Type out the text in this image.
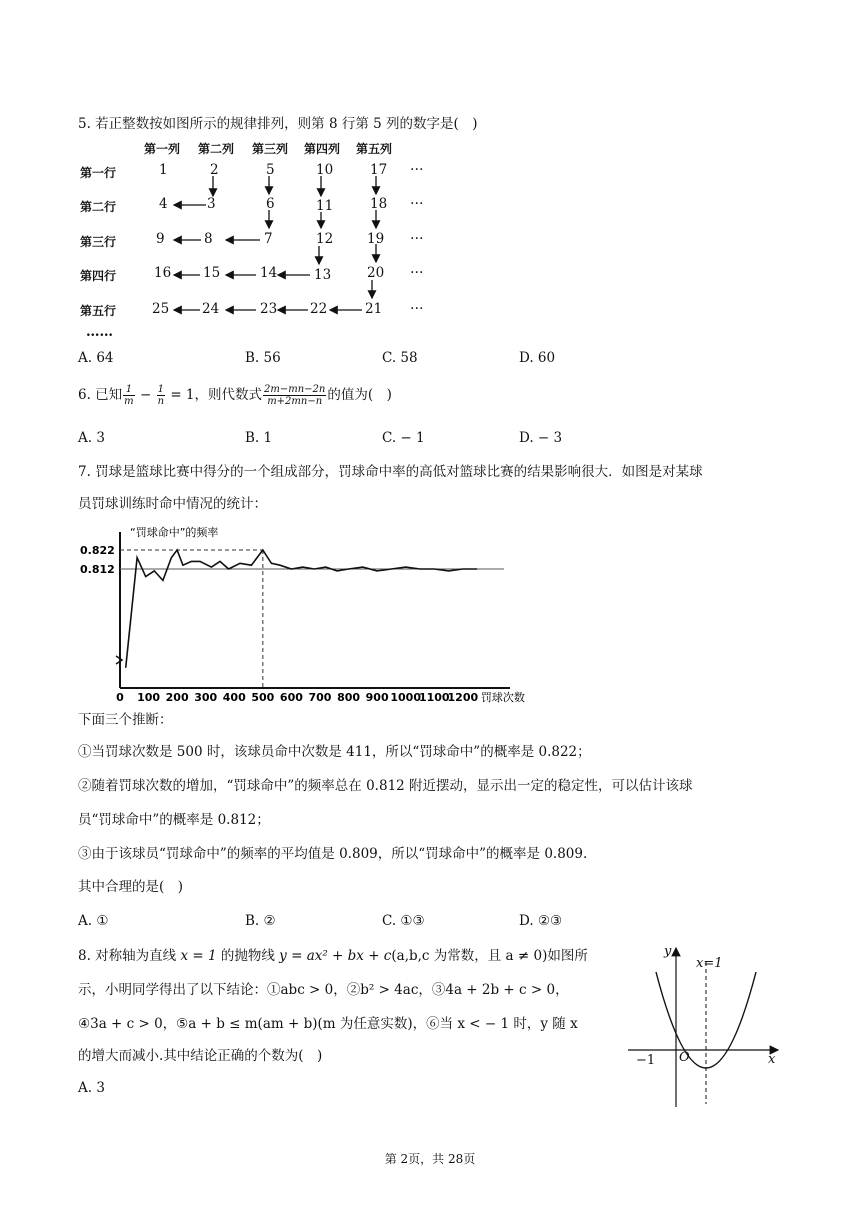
5. 若正整数按如图所示的规律排列，则第 8 行第 5 列的数字是(　)
第一列 第二列 第三列 第四列 第五列
第一行
第二行
第三行
第四行
第五行
1	2	5	10	17 …
4	3	6	11	18 …
9	8	7	12	19 …
16 15	14	13	20 …
25 24	23 22	21 …
……
A. 64	B. 56	C. 58	D. 60
6. 已知 $\frac{1}{m} - \frac{1}{n} = 1$，则代数式 $\frac{2m-mn-2n}{m+2mn-n}$ 的值为(　)
A. 3	B. 1	C. − 1	D. − 3
7. 罚球是篮球比赛中得分的一个组成部分，罚球命中率的高低对篮球比赛的结果影响很大．如图是对某球
员罚球训练时命中情况的统计：
0 100 200 300 400 500 600 700 800 900 1000
1100
1200
0.822
0.812
“罚球命中”的频率
罚球次数
下面三个推断：
①当罚球次数是 500 时，该球员命中次数是 411，所以“罚球命中”的概率是 0.822；
②随着罚球次数的增加，“罚球命中”的频率总在 0.812 附近摆动，显示出一定的稳定性，可以估计该球
员“罚球命中”的概率是 0.812；
③由于该球员“罚球命中”的频率的平均值是 0.809，所以“罚球命中”的概率是 0.809.
其中合理的是(　)
A. ①	B. ②	C. ①③	D. ②③
8. 对称轴为直线 x = 1 的抛物线 y = ax² + bx + c(a,b,c 为常数，且 a ≠ 0)如图所
示，小明同学得出了以下结论：①abc > 0，②b² > 4ac，③4a + 2b + c > 0，
④3a + c > 0，⑤a + b ≤ m(am + b)(m 为任意实数)，⑥当 x < − 1 时，y 随 x
的增大而减小.其中结论正确的个数为(　)
A. 3
y
x
x=1
−1 O
第 2页，共 28页
